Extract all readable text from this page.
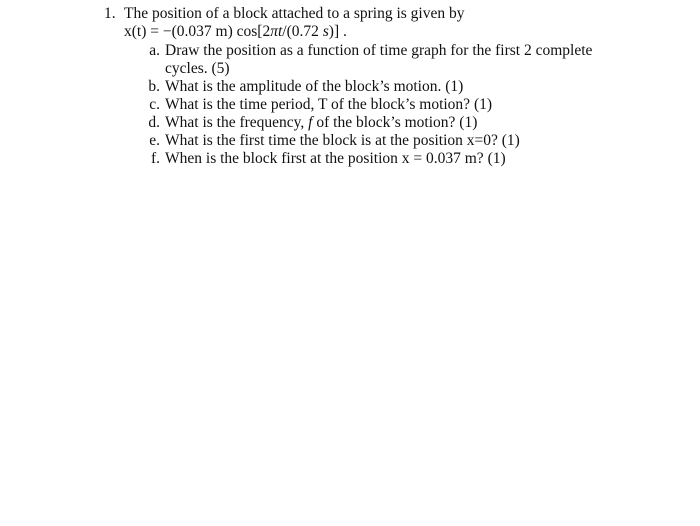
1. The position of a block attached to a spring is given by
x(t) = −(0.037 m) cos[2πt/(0.72 s)] .
a. Draw the position as a function of time graph for the first 2 complete
cycles. (5)
b. What is the amplitude of the block’s motion. (1)
c. What is the time period, T of the block’s motion? (1)
d. What is the frequency, f of the block’s motion? (1)
e. What is the first time the block is at the position x=0? (1)
f. When is the block first at the position x = 0.037 m? (1)
